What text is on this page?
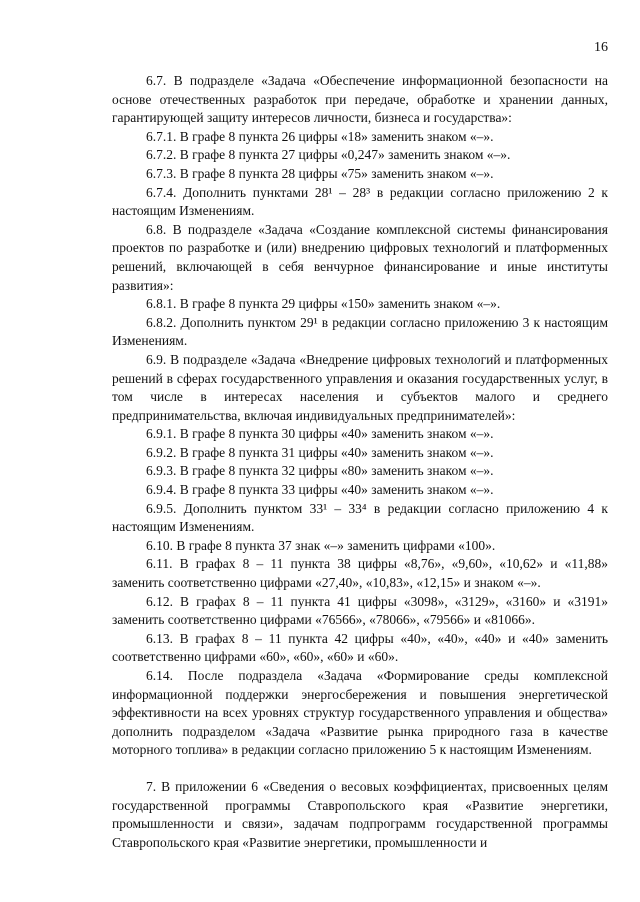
16

6.7. В подразделе «Задача «Обеспечение информационной безопасности на основе отечественных разработок при передаче, обработке и хранении данных, гарантирующей защиту интересов личности, бизнеса и государства»:

6.7.1. В графе 8 пункта 26 цифры «18» заменить знаком «–».

6.7.2. В графе 8 пункта 27 цифры «0,247» заменить знаком «–».

6.7.3. В графе 8 пункта 28 цифры «75» заменить знаком «–».

6.7.4. Дополнить пунктами 28¹ – 28³ в редакции согласно приложению 2 к настоящим Изменениям.

6.8. В подразделе «Задача «Создание комплексной системы финансирования проектов по разработке и (или) внедрению цифровых технологий и платформенных решений, включающей в себя венчурное финансирование и иные институты развития»:

6.8.1. В графе 8 пункта 29 цифры «150» заменить знаком «–».

6.8.2. Дополнить пунктом 29¹ в редакции согласно приложению 3 к настоящим Изменениям.

6.9. В подразделе «Задача «Внедрение цифровых технологий и платформенных решений в сферах государственного управления и оказания государственных услуг, в том числе в интересах населения и субъектов малого и среднего предпринимательства, включая индивидуальных предпринимателей»:

6.9.1. В графе 8 пункта 30 цифры «40» заменить знаком «–».

6.9.2. В графе 8 пункта 31 цифры «40» заменить знаком «–».

6.9.3. В графе 8 пункта 32 цифры «80» заменить знаком «–».

6.9.4. В графе 8 пункта 33 цифры «40» заменить знаком «–».

6.9.5. Дополнить пунктом 33¹ – 33⁴ в редакции согласно приложению 4 к настоящим Изменениям.

6.10. В графе 8 пункта 37 знак «–» заменить цифрами «100».

6.11. В графах 8 – 11 пункта 38 цифры «8,76», «9,60», «10,62» и «11,88» заменить соответственно цифрами «27,40», «10,83», «12,15» и знаком «–».

6.12. В графах 8 – 11 пункта 41 цифры «3098», «3129», «3160» и «3191» заменить соответственно цифрами «76566», «78066», «79566» и «81066».

6.13. В графах 8 – 11 пункта 42 цифры «40», «40», «40» и «40» заменить соответственно цифрами «60», «60», «60» и «60».

6.14. После подраздела «Задача «Формирование среды комплексной информационной поддержки энергосбережения и повышения энергетической эффективности на всех уровнях структур государственного управления и общества» дополнить подразделом «Задача «Развитие рынка природного газа в качестве моторного топлива» в редакции согласно приложению 5 к настоящим Изменениям.

7. В приложении 6 «Сведения о весовых коэффициентах, присвоенных целям государственной программы Ставропольского края «Развитие энергетики, промышленности и связи», задачам подпрограмм государственной программы Ставропольского края «Развитие энергетики, промышленности и
